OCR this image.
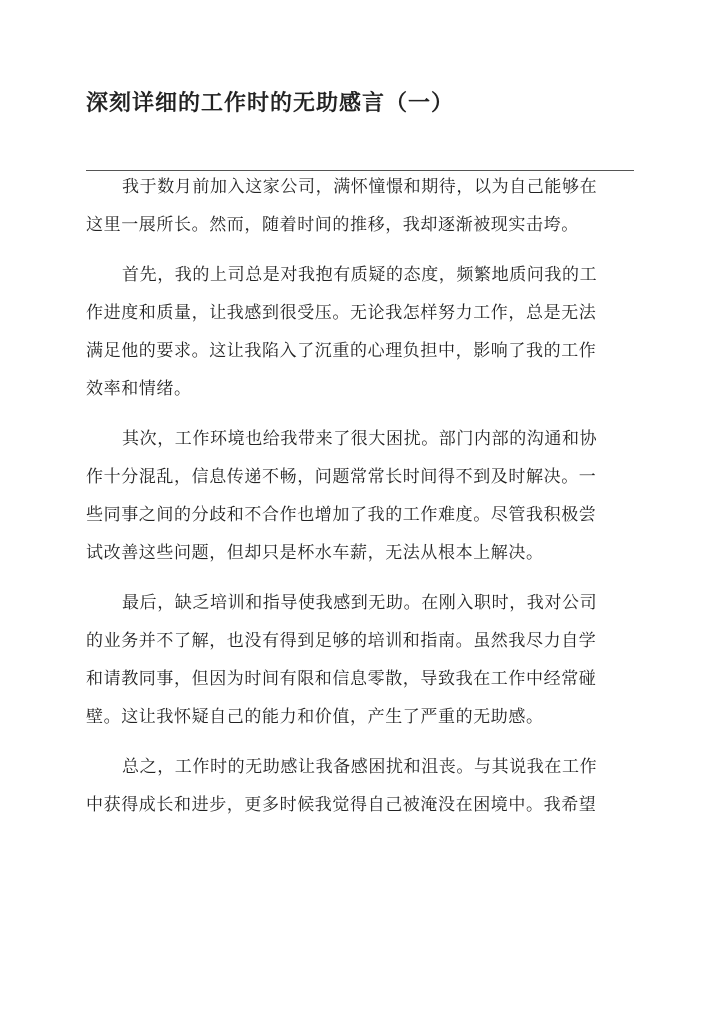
深刻详细的工作时的无助感言（一）

我于数月前加入这家公司，满怀憧憬和期待，以为自己能够在
这里一展所长。然而，随着时间的推移，我却逐渐被现实击垮。

首先，我的上司总是对我抱有质疑的态度，频繁地质问我的工
作进度和质量，让我感到很受压。无论我怎样努力工作，总是无法
满足他的要求。这让我陷入了沉重的心理负担中，影响了我的工作
效率和情绪。

其次，工作环境也给我带来了很大困扰。部门内部的沟通和协
作十分混乱，信息传递不畅，问题常常长时间得不到及时解决。一
些同事之间的分歧和不合作也增加了我的工作难度。尽管我积极尝
试改善这些问题，但却只是杯水车薪，无法从根本上解决。

最后，缺乏培训和指导使我感到无助。在刚入职时，我对公司
的业务并不了解，也没有得到足够的培训和指南。虽然我尽力自学
和请教同事，但因为时间有限和信息零散，导致我在工作中经常碰
壁。这让我怀疑自己的能力和价值，产生了严重的无助感。

总之，工作时的无助感让我备感困扰和沮丧。与其说我在工作
中获得成长和进步，更多时候我觉得自己被淹没在困境中。我希望
